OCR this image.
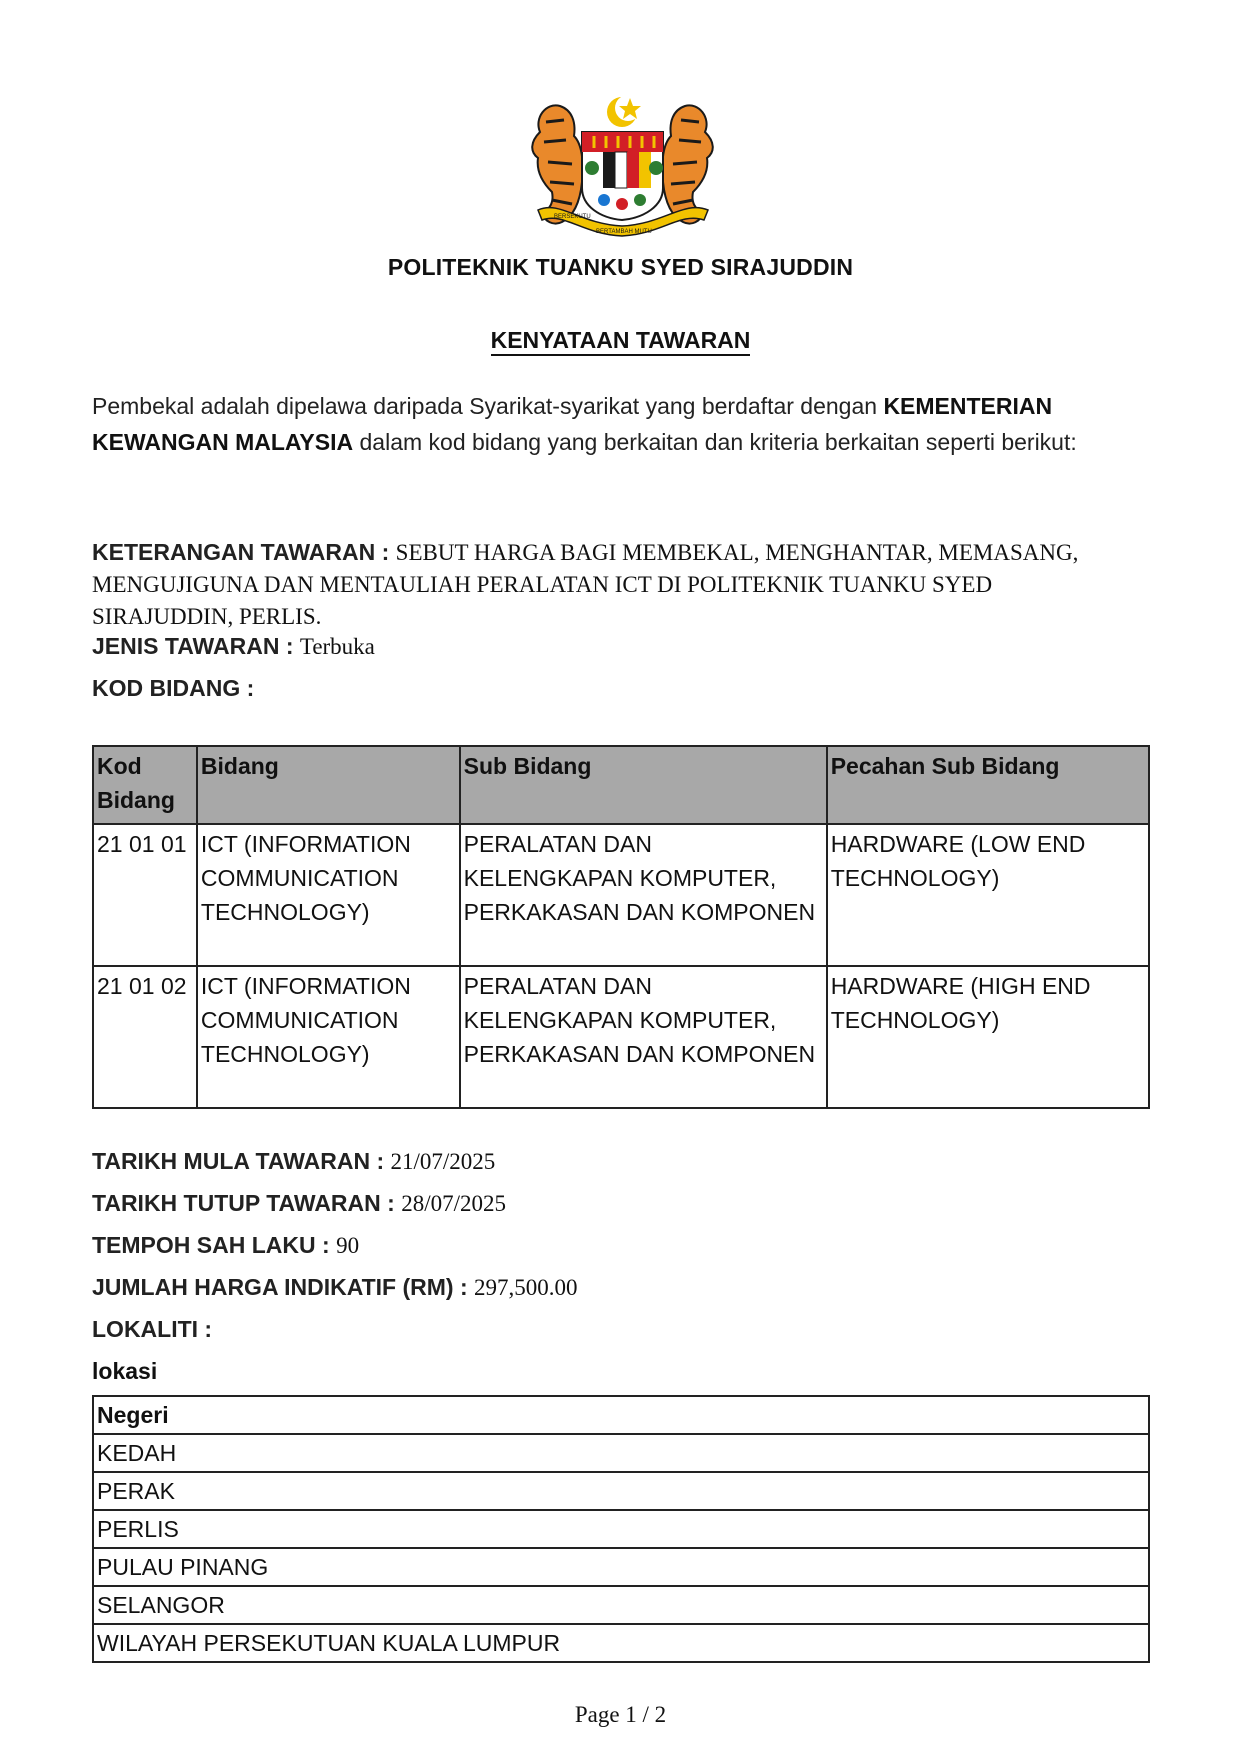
BERSEKUTU
BERTAMBAH MUTU
POLITEKNIK TUANKU SYED SIRAJUDDIN
KENYATAAN TAWARAN
Pembekal adalah dipelawa daripada Syarikat-syarikat yang berdaftar dengan KEMENTERIAN KEWANGAN MALAYSIA dalam kod bidang yang berkaitan dan kriteria berkaitan seperti berikut:
KETERANGAN TAWARAN : SEBUT HARGA BAGI MEMBEKAL, MENGHANTAR, MEMASANG, MENGUJIGUNA DAN MENTAULIAH PERALATAN ICT DI POLITEKNIK TUANKU SYED SIRAJUDDIN, PERLIS.
JENIS TAWARAN : Terbuka
KOD BIDANG :
Kod Bidang	Bidang	Sub Bidang	Pecahan Sub Bidang
21 01 01	ICT (INFORMATION COMMUNICATION TECHNOLOGY)	PERALATAN DAN KELENGKAPAN KOMPUTER, PERKAKASAN DAN KOMPONEN	HARDWARE (LOW END TECHNOLOGY)
21 01 02	ICT (INFORMATION COMMUNICATION TECHNOLOGY)	PERALATAN DAN KELENGKAPAN KOMPUTER, PERKAKASAN DAN KOMPONEN	HARDWARE (HIGH END TECHNOLOGY)
TARIKH MULA TAWARAN : 21/07/2025
TARIKH TUTUP TAWARAN : 28/07/2025
TEMPOH SAH LAKU : 90
JUMLAH HARGA INDIKATIF (RM) : 297,500.00
LOKALITI :
lokasi
Negeri
KEDAH
PERAK
PERLIS
PULAU PINANG
SELANGOR
WILAYAH PERSEKUTUAN KUALA LUMPUR
Page 1 / 2
